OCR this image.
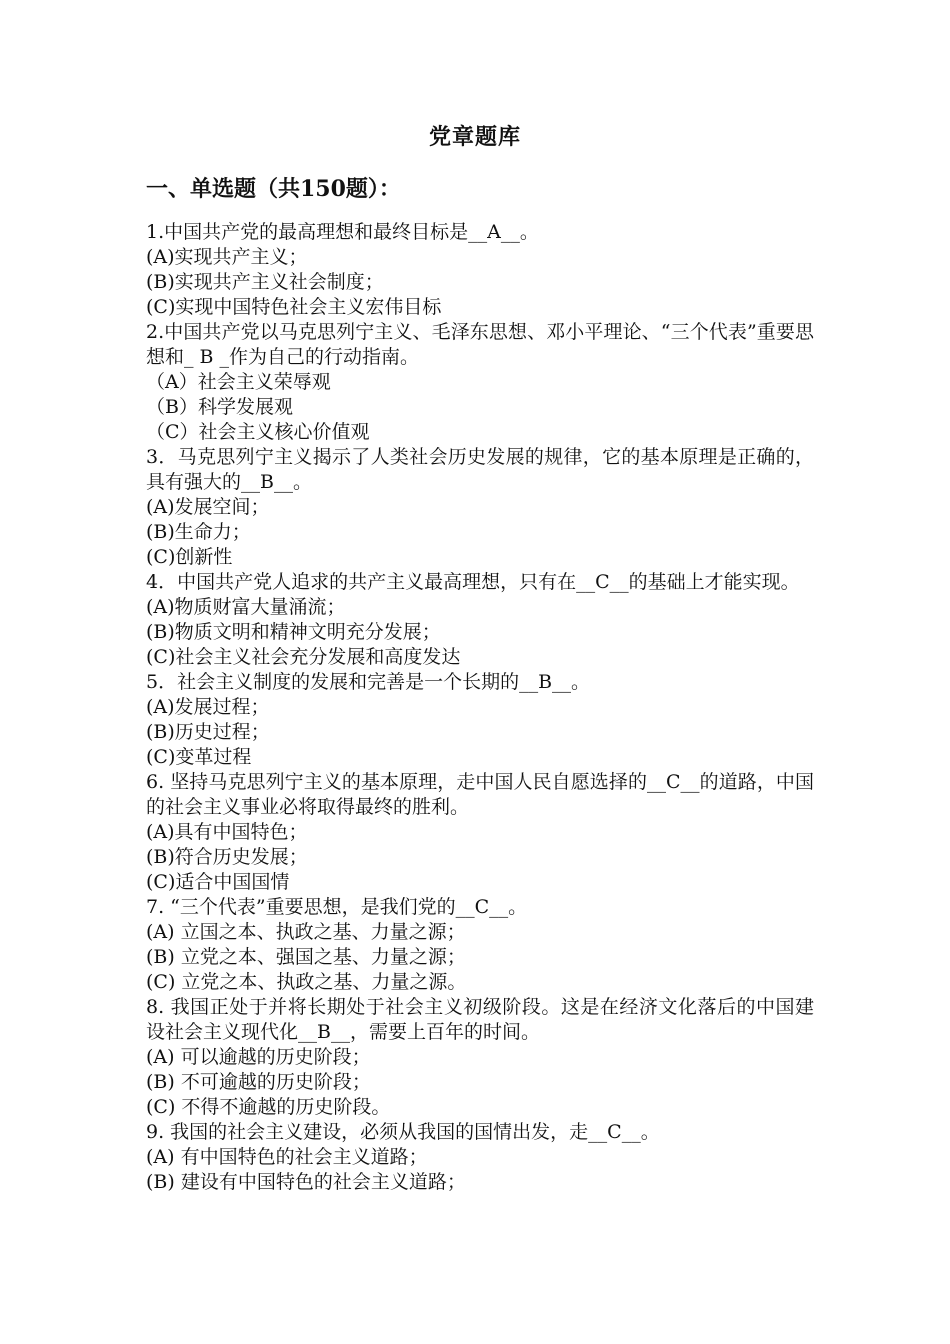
党章题库
一、单选题（共150题）：

1.中国共产党的最高理想和最终目标是__A__。

(A)实现共产主义；

(B)实现共产主义社会制度；

(C)实现中国特色社会主义宏伟目标

2.中国共产党以马克思列宁主义、毛泽东思想、邓小平理论、“三个代表”重要思想和_ B _作为自己的行动指南。

（A）社会主义荣辱观

（B）科学发展观

（C）社会主义核心价值观

3．马克思列宁主义揭示了人类社会历史发展的规律，它的基本原理是正确的，具有强大的__B__。

(A)发展空间；

(B)生命力；

(C)创新性

4．中国共产党人追求的共产主义最高理想，只有在__C__的基础上才能实现。

(A)物质财富大量涌流；

(B)物质文明和精神文明充分发展；

(C)社会主义社会充分发展和高度发达

5．社会主义制度的发展和完善是一个长期的__B__。

(A)发展过程；

(B)历史过程；

(C)变革过程

6. 坚持马克思列宁主义的基本原理，走中国人民自愿选择的__C__的道路，中国的社会主义事业必将取得最终的胜利。

(A)具有中国特色；

(B)符合历史发展；

(C)适合中国国情

7. “三个代表”重要思想，是我们党的__C__。

(A) 立国之本、执政之基、力量之源；

(B) 立党之本、强国之基、力量之源；

(C) 立党之本、执政之基、力量之源。

8. 我国正处于并将长期处于社会主义初级阶段。这是在经济文化落后的中国建设社会主义现代化__B__，需要上百年的时间。

(A) 可以逾越的历史阶段；

(B) 不可逾越的历史阶段；

(C) 不得不逾越的历史阶段。

9. 我国的社会主义建设，必须从我国的国情出发，走__C__。

(A) 有中国特色的社会主义道路；

(B) 建设有中国特色的社会主义道路；
